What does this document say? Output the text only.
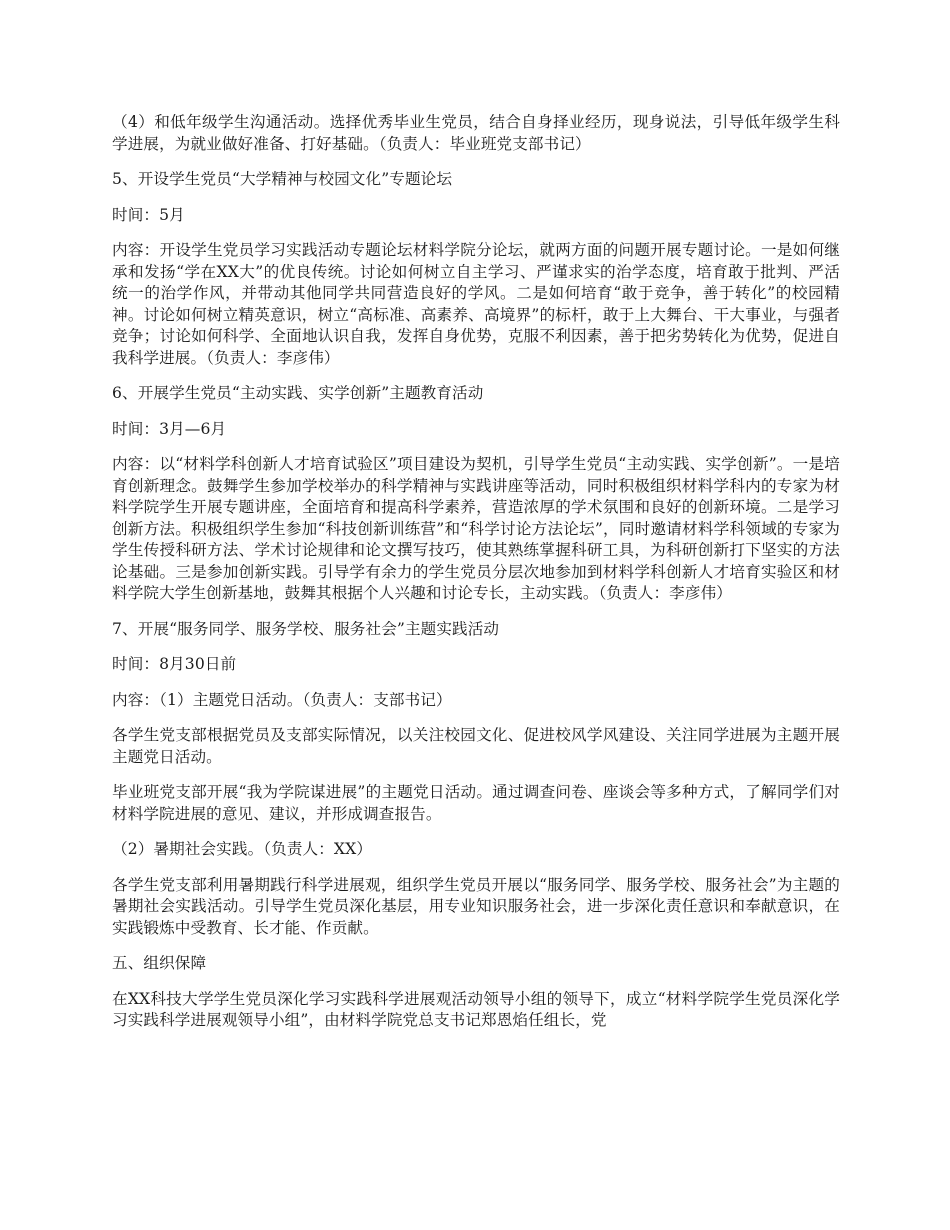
（4）和低年级学生沟通活动。选择优秀毕业生党员，结合自身择业经历，现身说法，引导低年级学生科学进展，为就业做好准备、打好基础。（负责人：毕业班党支部书记）

5、开设学生党员“大学精神与校园文化”专题论坛

时间：5月

内容：开设学生党员学习实践活动专题论坛材料学院分论坛，就两方面的问题开展专题讨论。一是如何继承和发扬“学在XX大”的优良传统。讨论如何树立自主学习、严谨求实的治学态度，培育敢于批判、严活统一的治学作风，并带动其他同学共同营造良好的学风。二是如何培育“敢于竞争，善于转化”的校园精神。讨论如何树立精英意识，树立“高标准、高素养、高境界”的标杆，敢于上大舞台、干大事业，与强者竞争；讨论如何科学、全面地认识自我，发挥自身优势，克服不利因素，善于把劣势转化为优势，促进自我科学进展。（负责人：李彦伟）

6、开展学生党员“主动实践、实学创新”主题教育活动

时间：3月—6月

内容：以“材料学科创新人才培育试验区”项目建设为契机，引导学生党员“主动实践、实学创新”。一是培育创新理念。鼓舞学生参加学校举办的科学精神与实践讲座等活动，同时积极组织材料学科内的专家为材料学院学生开展专题讲座，全面培育和提高科学素养，营造浓厚的学术氛围和良好的创新环境。二是学习创新方法。积极组织学生参加“科技创新训练营”和“科学讨论方法论坛”，同时邀请材料学科领域的专家为学生传授科研方法、学术讨论规律和论文撰写技巧，使其熟练掌握科研工具，为科研创新打下坚实的方法论基础。三是参加创新实践。引导学有余力的学生党员分层次地参加到材料学科创新人才培育实验区和材料学院大学生创新基地，鼓舞其根据个人兴趣和讨论专长，主动实践。（负责人：李彦伟）

7、开展“服务同学、服务学校、服务社会”主题实践活动

时间：8月30日前

内容：（1）主题党日活动。（负责人：支部书记）

各学生党支部根据党员及支部实际情况，以关注校园文化、促进校风学风建设、关注同学进展为主题开展主题党日活动。

毕业班党支部开展“我为学院谋进展”的主题党日活动。通过调查问卷、座谈会等多种方式，了解同学们对材料学院进展的意见、建议，并形成调查报告。

（2）暑期社会实践。（负责人：XX）

各学生党支部利用暑期践行科学进展观，组织学生党员开展以“服务同学、服务学校、服务社会”为主题的暑期社会实践活动。引导学生党员深化基层，用专业知识服务社会，进一步深化责任意识和奉献意识，在实践锻炼中受教育、长才能、作贡献。

五、组织保障

在XX科技大学学生党员深化学习实践科学进展观活动领导小组的领导下，成立“材料学院学生党员深化学习实践科学进展观领导小组”，由材料学院党总支书记郑恩焰任组长，党
